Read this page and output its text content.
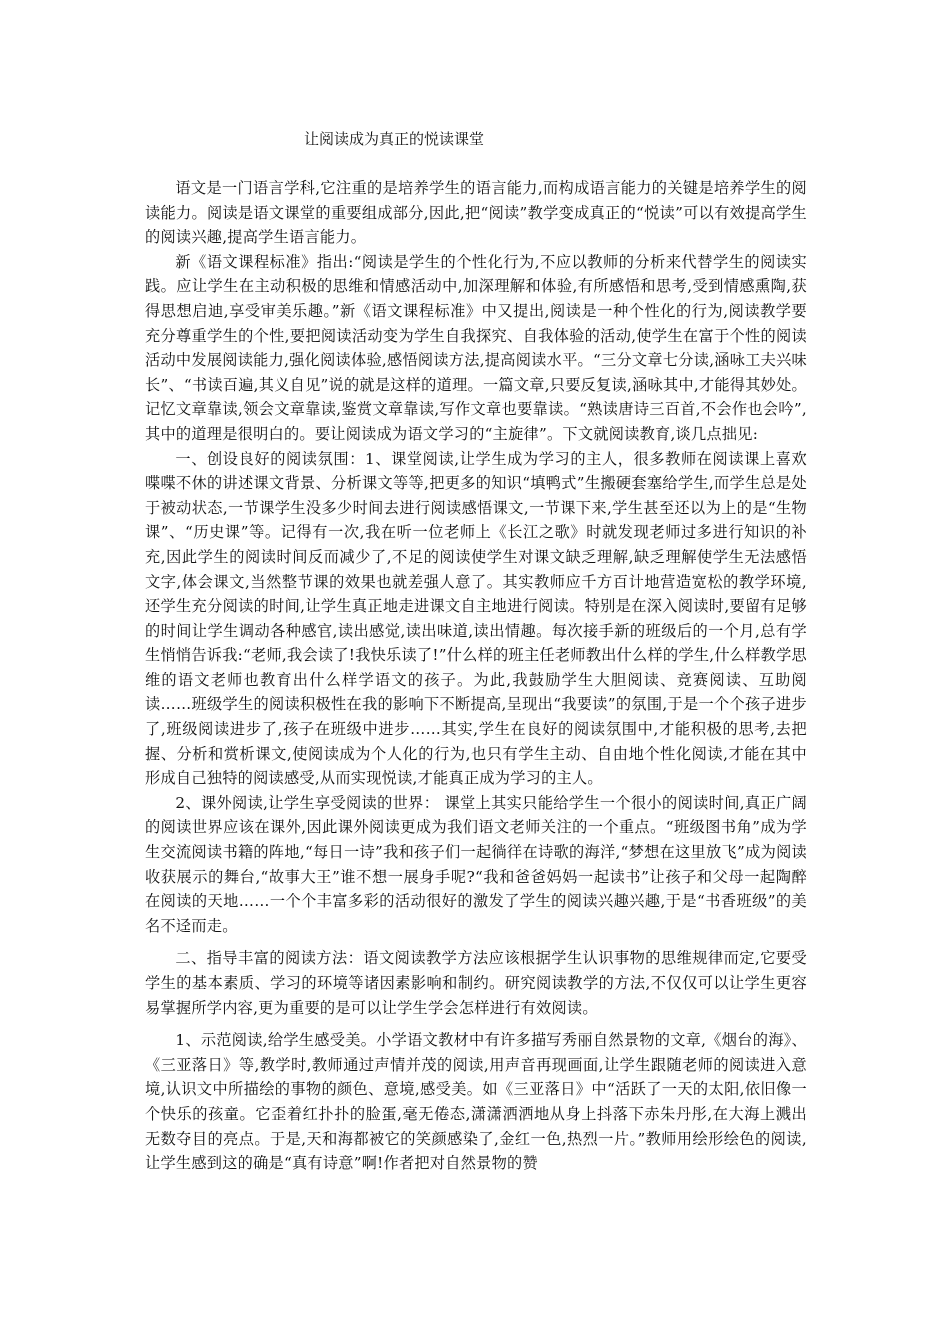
让阅读成为真正的悦读课堂

语文是一门语言学科,它注重的是培养学生的语言能力,而构成语言能力的关键是培养学生的阅读能力。阅读是语文课堂的重要组成部分,因此,把“阅读”教学变成真正的“悦读”可以有效提高学生的阅读兴趣,提高学生语言能力。

新《语文课程标准》指出:“阅读是学生的个性化行为,不应以教师的分析来代替学生的阅读实践。应让学生在主动积极的思维和情感活动中,加深理解和体验,有所感悟和思考,受到情感熏陶,获得思想启迪,享受审美乐趣。”新《语文课程标准》中又提出,阅读是一种个性化的行为,阅读教学要充分尊重学生的个性,要把阅读活动变为学生自我探究、自我体验的活动,使学生在富于个性的阅读活动中发展阅读能力,强化阅读体验,感悟阅读方法,提高阅读水平。“三分文章七分读,涵咏工夫兴味长”、“书读百遍,其义自见”说的就是这样的道理。一篇文章,只要反复读,涵咏其中,才能得其妙处。记忆文章靠读,领会文章靠读,鉴赏文章靠读,写作文章也要靠读。“熟读唐诗三百首,不会作也会吟”,其中的道理是很明白的。要让阅读成为语文学习的“主旋律”。下文就阅读教育,谈几点拙见:

一、创设良好的阅读氛围：1、课堂阅读,让学生成为学习的主人，很多教师在阅读课上喜欢喋喋不休的讲述课文背景、分析课文等等,把更多的知识“填鸭式”生搬硬套塞给学生,而学生总是处于被动状态,一节课学生没多少时间去进行阅读感悟课文,一节课下来,学生甚至还以为上的是“生物课”、“历史课”等。记得有一次,我在听一位老师上《长江之歌》时就发现老师过多进行知识的补充,因此学生的阅读时间反而减少了,不足的阅读使学生对课文缺乏理解,缺乏理解使学生无法感悟文字,体会课文,当然整节课的效果也就差强人意了。其实教师应千方百计地营造宽松的教学环境,还学生充分阅读的时间,让学生真正地走进课文自主地进行阅读。特别是在深入阅读时,要留有足够的时间让学生调动各种感官,读出感觉,读出味道,读出情趣。每次接手新的班级后的一个月,总有学生悄悄告诉我:“老师,我会读了!我快乐读了!”什么样的班主任老师教出什么样的学生,什么样教学思维的语文老师也教育出什么样学语文的孩子。为此,我鼓励学生大胆阅读、竞赛阅读、互助阅读……班级学生的阅读积极性在我的影响下不断提高,呈现出“我要读”的氛围,于是一个个孩子进步了,班级阅读进步了,孩子在班级中进步……其实,学生在良好的阅读氛围中,才能积极的思考,去把握、分析和赏析课文,使阅读成为个人化的行为,也只有学生主动、自由地个性化阅读,才能在其中形成自己独特的阅读感受,从而实现悦读,才能真正成为学习的主人。

2、课外阅读,让学生享受阅读的世界： 课堂上其实只能给学生一个很小的阅读时间,真正广阔的阅读世界应该在课外,因此课外阅读更成为我们语文老师关注的一个重点。“班级图书角”成为学生交流阅读书籍的阵地,“每日一诗”我和孩子们一起徜徉在诗歌的海洋,“梦想在这里放飞”成为阅读收获展示的舞台,“故事大王”谁不想一展身手呢?“我和爸爸妈妈一起读书”让孩子和父母一起陶醉在阅读的天地……一个个丰富多彩的活动很好的激发了学生的阅读兴趣兴趣,于是“书香班级”的美名不迳而走。

二、指导丰富的阅读方法：语文阅读教学方法应该根据学生认识事物的思维规律而定,它要受学生的基本素质、学习的环境等诸因素影响和制约。研究阅读教学的方法,不仅仅可以让学生更容易掌握所学内容,更为重要的是可以让学生学会怎样进行有效阅读。

1、示范阅读,给学生感受美。小学语文教材中有许多描写秀丽自然景物的文章,《烟台的海》、《三亚落日》等,教学时,教师通过声情并茂的阅读,用声音再现画面,让学生跟随老师的阅读进入意境,认识文中所描绘的事物的颜色、意境,感受美。如《三亚落日》中“活跃了一天的太阳,依旧像一个快乐的孩童。它歪着红扑扑的脸蛋,毫无倦态,潇潇洒洒地从身上抖落下赤朱丹彤,在大海上溅出无数夺目的亮点。于是,天和海都被它的笑颜感染了,金红一色,热烈一片。”教师用绘形绘色的阅读,让学生感到这的确是“真有诗意”啊!作者把对自然景物的赞
